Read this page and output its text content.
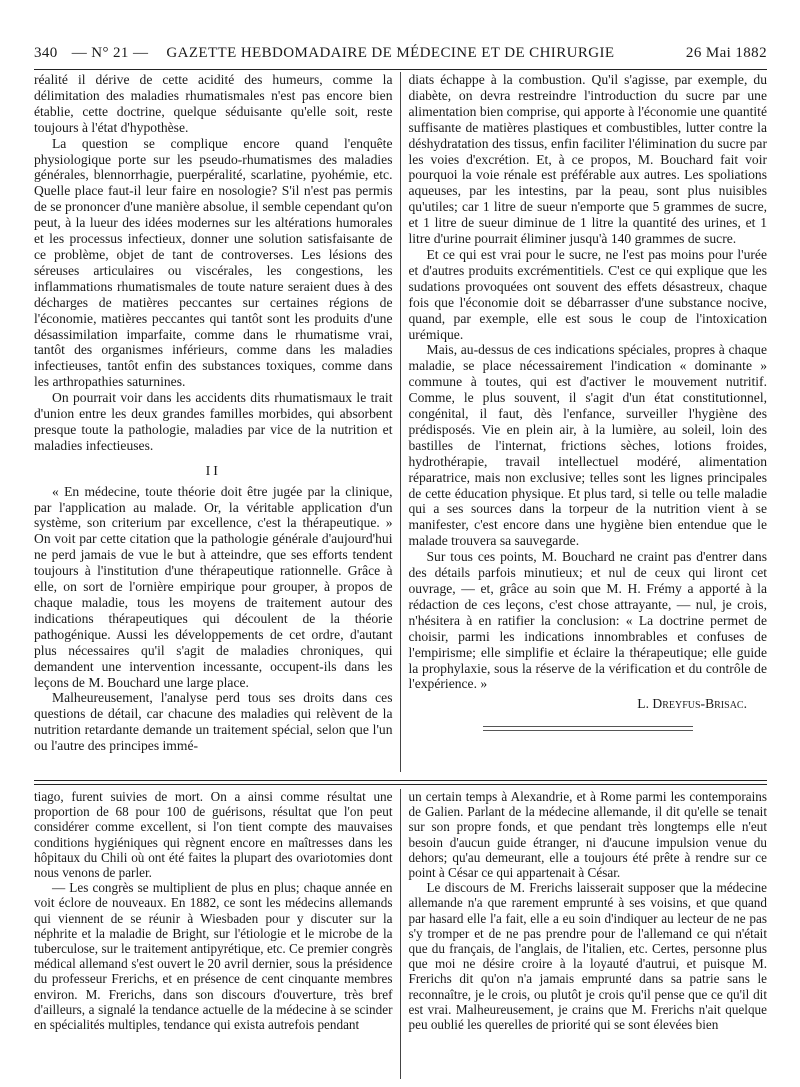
340 — N° 21 — GAZETTE HEBDOMADAIRE DE MÉDECINE ET DE CHIRURGIE	26 Mai 1882

réalité il dérive de cette acidité des humeurs, comme la délimitation des maladies rhumatismales n'est pas encore bien établie, cette doctrine, quelque séduisante qu'elle soit, reste toujours à l'état d'hypothèse.

La question se complique encore quand l'enquête physiologique porte sur les pseudo-rhumatismes des maladies générales, blennorrhagie, puerpéralité, scarlatine, pyohémie, etc. Quelle place faut-il leur faire en nosologie? S'il n'est pas permis de se prononcer d'une manière absolue, il semble cependant qu'on peut, à la lueur des idées modernes sur les altérations humorales et les processus infectieux, donner une solution satisfaisante de ce problème, objet de tant de controverses. Les lésions des séreuses articulaires ou viscérales, les congestions, les inflammations rhumatismales de toute nature seraient dues à des décharges de matières peccantes sur certaines régions de l'économie, matières peccantes qui tantôt sont les produits d'une désassimilation imparfaite, comme dans le rhumatisme vrai, tantôt des organismes inférieurs, comme dans les maladies infectieuses, tantôt enfin des substances toxiques, comme dans les arthropathies saturnines.

On pourrait voir dans les accidents dits rhumatismaux le trait d'union entre les deux grandes familles morbides, qui absorbent presque toute la pathologie, maladies par vice de la nutrition et maladies infectieuses.

II

« En médecine, toute théorie doit être jugée par la clinique, par l'application au malade. Or, la véritable application d'un système, son criterium par excellence, c'est la thérapeutique. » On voit par cette citation que la pathologie générale d'aujourd'hui ne perd jamais de vue le but à atteindre, que ses efforts tendent toujours à l'institution d'une thérapeutique rationnelle. Grâce à elle, on sort de l'ornière empirique pour grouper, à propos de chaque maladie, tous les moyens de traitement autour des indications thérapeutiques qui découlent de la théorie pathogénique. Aussi les développements de cet ordre, d'autant plus nécessaires qu'il s'agit de maladies chroniques, qui demandent une intervention incessante, occupent-ils dans les leçons de M. Bouchard une large place.

Malheureusement, l'analyse perd tous ses droits dans ces questions de détail, car chacune des maladies qui relèvent de la nutrition retardante demande un traitement spécial, selon que l'un ou l'autre des principes immé-

diats échappe à la combustion. Qu'il s'agisse, par exemple, du diabète, on devra restreindre l'introduction du sucre par une alimentation bien comprise, qui apporte à l'économie une quantité suffisante de matières plastiques et combustibles, lutter contre la déshydratation des tissus, enfin faciliter l'élimination du sucre par les voies d'excrétion. Et, à ce propos, M. Bouchard fait voir pourquoi la voie rénale est préférable aux autres. Les spoliations aqueuses, par les intestins, par la peau, sont plus nuisibles qu'utiles; car 1 litre de sueur n'emporte que 5 grammes de sucre, et 1 litre de sueur diminue de 1 litre la quantité des urines, et 1 litre d'urine pourrait éliminer jusqu'à 140 grammes de sucre.

Et ce qui est vrai pour le sucre, ne l'est pas moins pour l'urée et d'autres produits excrémentitiels. C'est ce qui explique que les sudations provoquées ont souvent des effets désastreux, chaque fois que l'économie doit se débarrasser d'une substance nocive, quand, par exemple, elle est sous le coup de l'intoxication urémique.

Mais, au-dessus de ces indications spéciales, propres à chaque maladie, se place nécessairement l'indication « dominante » commune à toutes, qui est d'activer le mouvement nutritif. Comme, le plus souvent, il s'agit d'un état constitutionnel, congénital, il faut, dès l'enfance, surveiller l'hygiène des prédisposés. Vie en plein air, à la lumière, au soleil, loin des bastilles de l'internat, frictions sèches, lotions froides, hydrothérapie, travail intellectuel modéré, alimentation réparatrice, mais non exclusive; telles sont les lignes principales de cette éducation physique. Et plus tard, si telle ou telle maladie qui a ses sources dans la torpeur de la nutrition vient à se manifester, c'est encore dans une hygiène bien entendue que le malade trouvera sa sauvegarde.

Sur tous ces points, M. Bouchard ne craint pas d'entrer dans des détails parfois minutieux; et nul de ceux qui liront cet ouvrage, — et, grâce au soin que M. H. Frémy a apporté à la rédaction de ces leçons, c'est chose attrayante, — nul, je crois, n'hésitera à en ratifier la conclusion: « La doctrine permet de choisir, parmi les indications innombrables et confuses de l'empirisme; elle simplifie et éclaire la thérapeutique; elle guide la prophylaxie, sous la réserve de la vérification et du contrôle de l'expérience. »

L. Dreyfus-Brisac.

tiago, furent suivies de mort. On a ainsi comme résultat une proportion de 68 pour 100 de guérisons, résultat que l'on peut considérer comme excellent, si l'on tient compte des mauvaises conditions hygiéniques qui règnent encore en maîtresses dans les hôpitaux du Chili où ont été faites la plupart des ovariotomies dont nous venons de parler.

— Les congrès se multiplient de plus en plus; chaque année en voit éclore de nouveaux. En 1882, ce sont les médecins allemands qui viennent de se réunir à Wiesbaden pour y discuter sur la néphrite et la maladie de Bright, sur l'étiologie et le microbe de la tuberculose, sur le traitement antipyrétique, etc. Ce premier congrès médical allemand s'est ouvert le 20 avril dernier, sous la présidence du professeur Frerichs, et en présence de cent cinquante membres environ. M. Frerichs, dans son discours d'ouverture, très bref d'ailleurs, a signalé la tendance actuelle de la médecine à se scinder en spécialités multiples, tendance qui exista autrefois pendant

un certain temps à Alexandrie, et à Rome parmi les contemporains de Galien. Parlant de la médecine allemande, il dit qu'elle se tenait sur son propre fonds, et que pendant très longtemps elle n'eut besoin d'aucun guide étranger, ni d'aucune impulsion venue du dehors; qu'au demeurant, elle a toujours été prête à rendre sur ce point à César ce qui appartenait à César.

Le discours de M. Frerichs laisserait supposer que la médecine allemande n'a que rarement emprunté à ses voisins, et que quand par hasard elle l'a fait, elle a eu soin d'indiquer au lecteur de ne pas s'y tromper et de ne pas prendre pour de l'allemand ce qui n'était que du français, de l'anglais, de l'italien, etc. Certes, personne plus que moi ne désire croire à la loyauté d'autrui, et puisque M. Frerichs dit qu'on n'a jamais emprunté dans sa patrie sans le reconnaître, je le crois, ou plutôt je crois qu'il pense que ce qu'il dit est vrai. Malheureusement, je crains que M. Frerichs n'ait quelque peu oublié les querelles de priorité qui se sont élevées bien
